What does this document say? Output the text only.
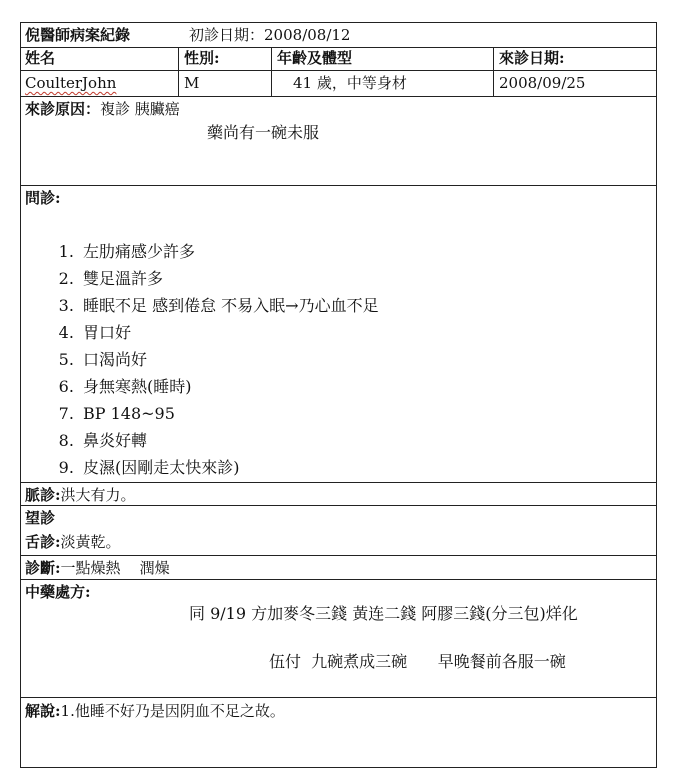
倪醫師病案紀錄	初診日期：2008/08/12
姓名	性別:	年齡及體型	來診日期:
CoulterJohn	M	41 歲，中等身材	2008/09/25
來診原因：複診 胰臟癌
藥尚有一碗未服
問診:
1. 左肋痛感少許多
2. 雙足溫許多
3. 睡眠不足 感到倦怠 不易入眠→乃心血不足
4. 胃口好
5. 口渴尚好
6. 身無寒熱(睡時)
7. BP 148~95
8. 鼻炎好轉
9. 皮濕(因剛走太快來診)
脈診:洪大有力。
望診
舌診:淡黃乾。
診斷:一點燥熱    潤燥
中藥處方:
同 9/19 方加麥冬三錢 黃连二錢 阿膠三錢(分三包)烊化
伍付  九碗煮成三碗      早晚餐前各服一碗
解說:1.他睡不好乃是因阴血不足之故。
